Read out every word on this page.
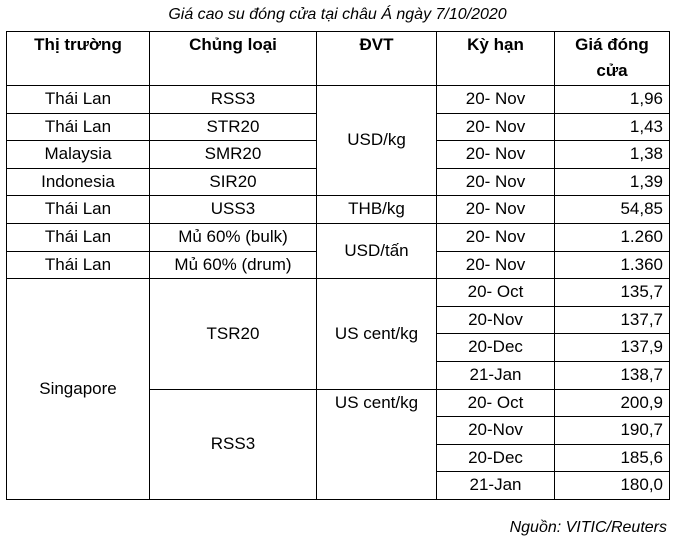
Giá cao su đóng cửa tại châu Á ngày 7/10/2020
Thị trường	Chủng loại	ĐVT	Kỳ hạn	Giá đóng cửa

Thái Lan	RSS3	USD/kg	20- Nov	1,96
Thái Lan	STR20		20- Nov	1,43
Malaysia	SMR20		20- Nov	1,38
Indonesia	SIR20		20- Nov	1,39
Thái Lan	USS3	THB/kg	20- Nov	54,85
Thái Lan	Mủ 60% (bulk)	USD/tấn	20- Nov	1.260
Thái Lan	Mủ 60% (drum)		20- Nov	1.360
Singapore	TSR20	US cent/kg	20- Oct	135,7
			20-Nov	137,7
			20-Dec	137,9
			21-Jan	138,7
	RSS3	US cent/kg	20- Oct	200,9
			20-Nov	190,7
			20-Dec	185,6
			21-Jan	180,0
Nguồn: VITIC/Reuters
